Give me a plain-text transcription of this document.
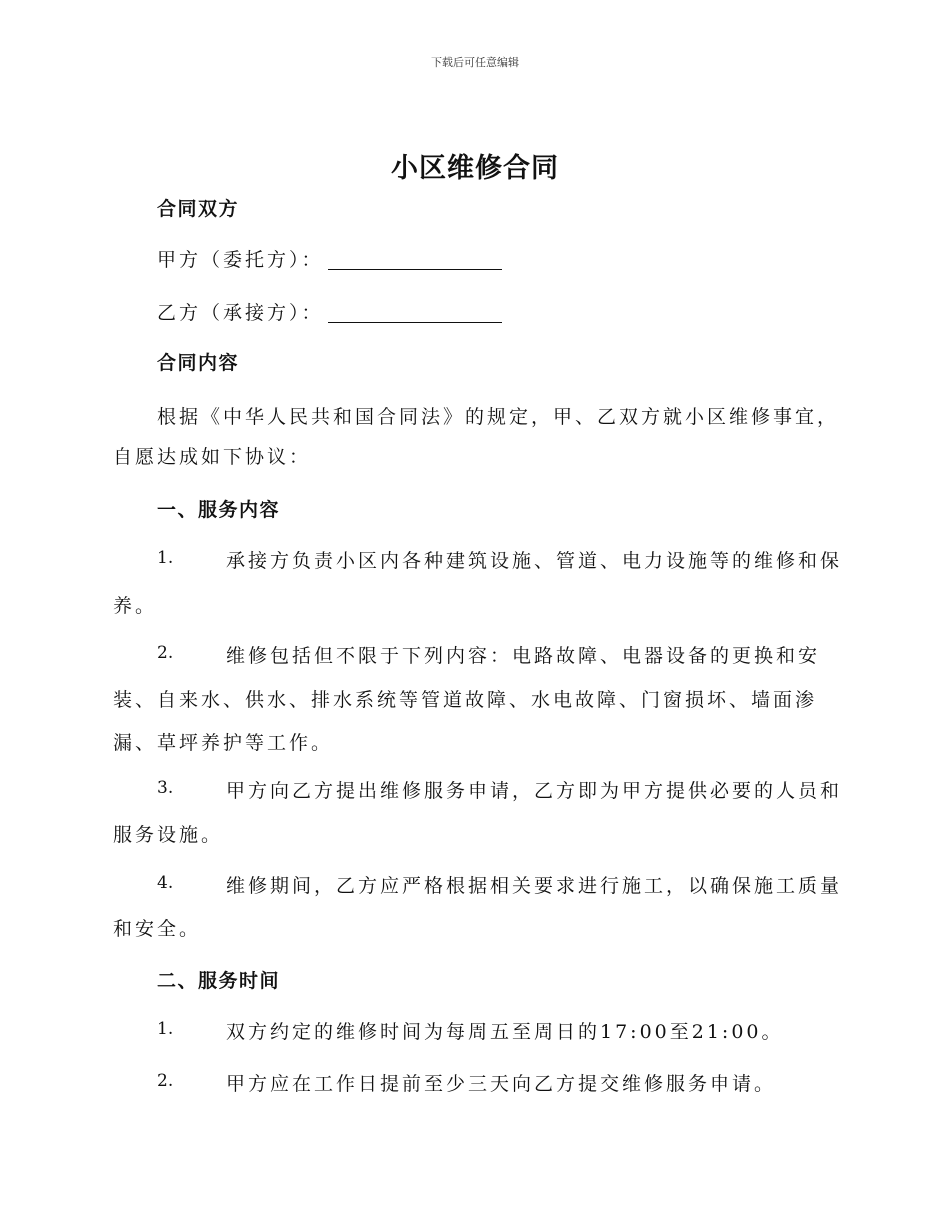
下载后可任意编辑
小区维修合同
合同双方
甲方（委托方）：
乙方（承接方）：
合同内容
根据《中华人民共和国合同法》的规定，甲、乙双方就小区维修事宜，
自愿达成如下协议：
一、服务内容
1.	承接方负责小区内各种建筑设施、管道、电力设施等的维修和保
养。
2.	维修包括但不限于下列内容：电路故障、电器设备的更换和安
装、自来水、供水、排水系统等管道故障、水电故障、门窗损坏、墙面渗
漏、草坪养护等工作。
3.	甲方向乙方提出维修服务申请，乙方即为甲方提供必要的人员和
服务设施。
4.	维修期间，乙方应严格根据相关要求进行施工，以确保施工质量
和安全。
二、服务时间
1.	双方约定的维修时间为每周五至周日的17:00至21:00。
2.	甲方应在工作日提前至少三天向乙方提交维修服务申请。
